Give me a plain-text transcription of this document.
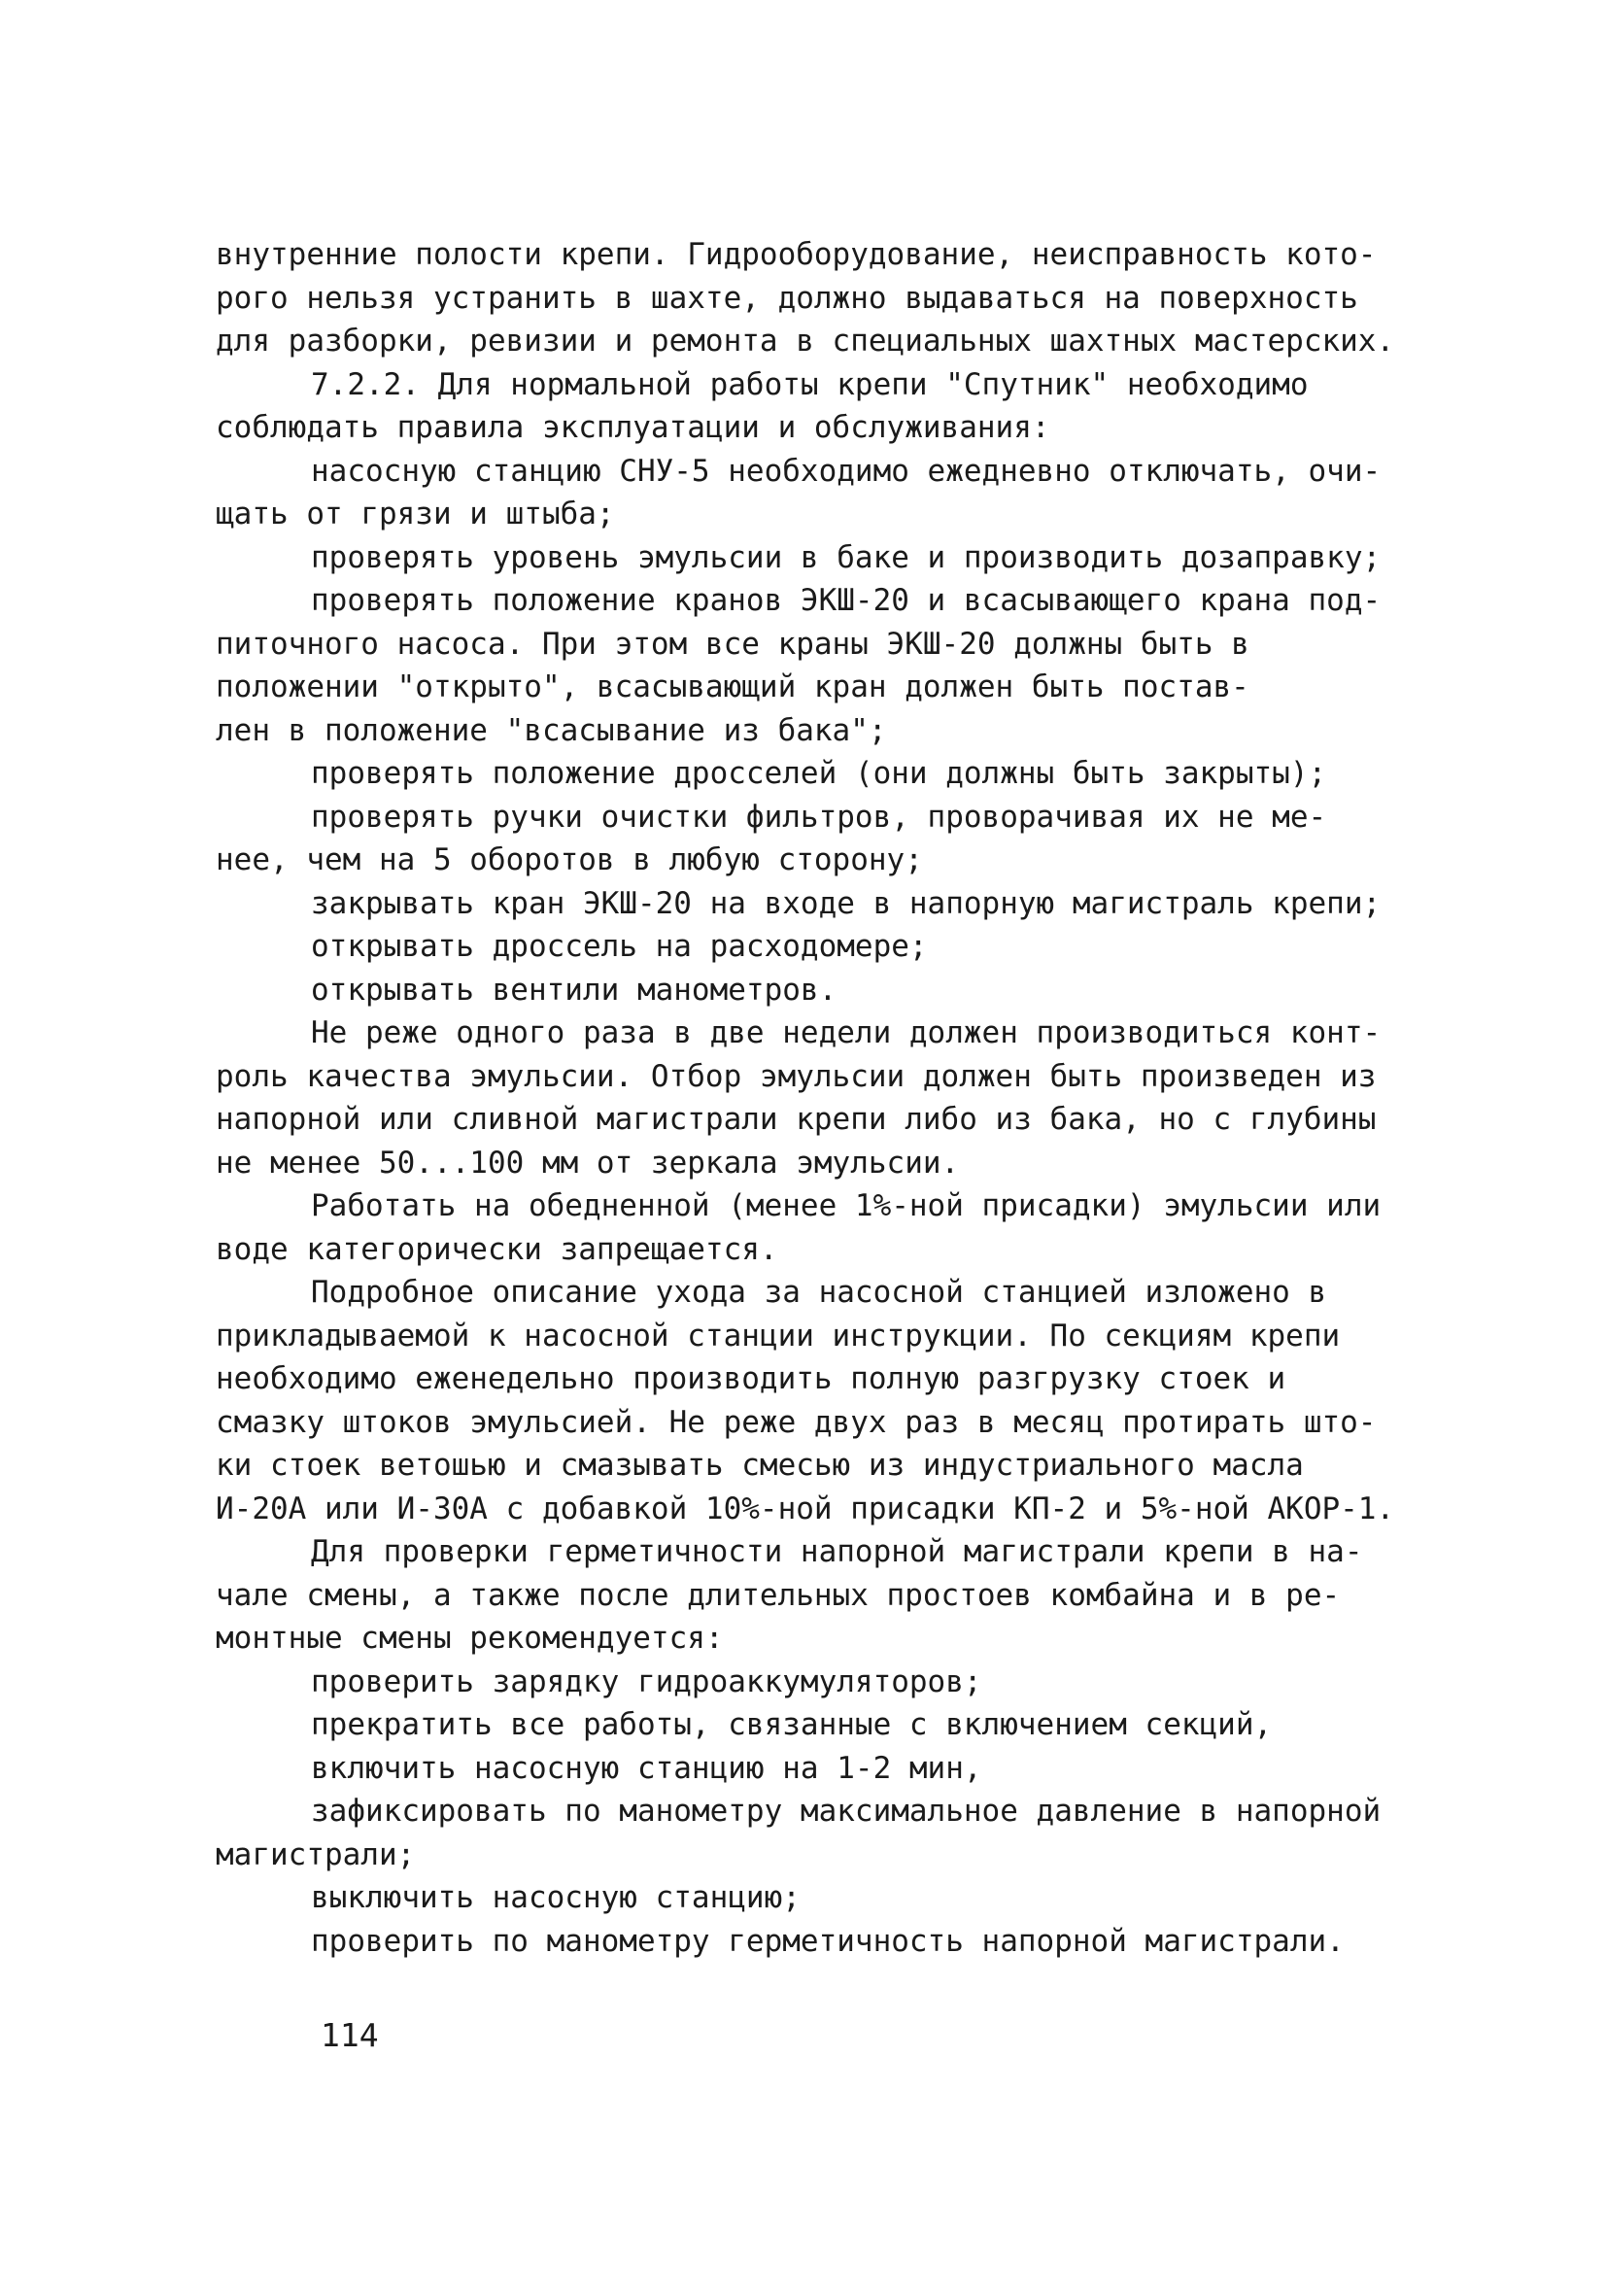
внутренние полости крепи. Гидрооборудование, неисправность кото-
рого нельзя устранить в шахте, должно выдаваться на поверхность
для разборки, ревизии и ремонта в специальных шахтных мастерских.
7.2.2. Для нормальной работы крепи "Спутник" необходимо
соблюдать правила эксплуатации и обслуживания:
насосную станцию СНУ-5 необходимо ежедневно отключать, очи-
щать от грязи и штыба;
проверять уровень эмульсии в баке и производить дозаправку;
проверять положение кранов ЭКШ-20 и всасывающего крана под-
питочного насоса. При этом все краны ЭКШ-20 должны быть в
положении "открыто", всасывающий кран должен быть постав-
лен в положение "всасывание из бака";
проверять положение дросселей (они должны быть закрыты);
проверять ручки очистки фильтров, проворачивая их не ме-
нее, чем на 5 оборотов в любую сторону;
закрывать кран ЭКШ-20 на входе в напорную магистраль крепи;
открывать дроссель на расходомере;
открывать вентили манометров.
Не реже одного раза в две недели должен производиться конт-
роль качества эмульсии. Отбор эмульсии должен быть произведен из
напорной или сливной магистрали крепи либо из бака, но с глубины
не менее 50...100 мм от зеркала эмульсии.
Работать на обедненной (менее 1%-ной присадки) эмульсии или
воде категорически запрещается.
Подробное описание ухода за насосной станцией изложено в
прикладываемой к насосной станции инструкции. По секциям крепи
необходимо еженедельно производить полную разгрузку стоек и
смазку штоков эмульсией. Не реже двух раз в месяц протирать што-
ки стоек ветошью и смазывать смесью из индустриального масла
И-20А или И-30А с добавкой 10%-ной присадки КП-2 и 5%-ной АКОР-1.
Для проверки герметичности напорной магистрали крепи в на-
чале смены, а также после длительных простоев комбайна и в ре-
монтные смены рекомендуется:
проверить зарядку гидроаккумуляторов;
прекратить все работы, связанные с включением секций,
включить насосную станцию на 1-2 мин,
зафиксировать по манометру максимальное давление в напорной
магистрали;
выключить насосную станцию;
проверить по манометру герметичность напорной магистрали.
114
